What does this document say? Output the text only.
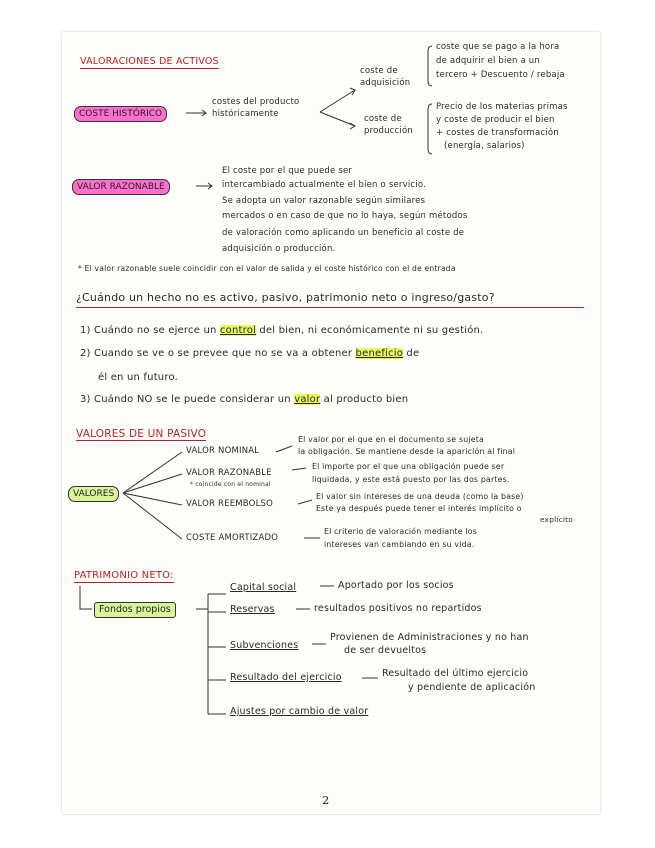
VALORACIONES DE ACTIVOS
COSTE HISTÓRICO
costes del producto
históricamente
coste de
adquisición
coste que se pago a la hora
de adquirir el bien a un
tercero + Descuento / rebaja
coste de
producción
Precio de los materias primas
y coste de producir el bien
+ costes de transformación
(energía, salarios)
VALOR RAZONABLE
El coste por el que puede ser
intercambiado actualmente el bien o servicio.
Se adopta un valor razonable según similares
mercados o en caso de que no lo haya, según métodos
de valoración como aplicando un beneficio al coste de
adquisición o producción.
* El valor razonable suele coincidir con el valor de salida y el coste histórico con el de entrada
¿Cuándo un hecho no es activo, pasivo, patrimonio neto o ingreso/gasto?
1) Cuándo no se ejerce un control del bien, ni económicamente ni su gestión.
2) Cuando se ve o se prevee que no se va a obtener beneficio de
él en un futuro.
3) Cuándo NO se le puede considerar un valor al producto bien
VALORES DE UN PASIVO
VALORES
VALOR NOMINAL
El valor por el que en el documento se sujeta
la obligación. Se mantiene desde la aparición al final
VALOR RAZONABLE
* coincide con el nominal
El importe por el que una obligación puede ser
liquidada, y este está puesto por las dos partes.
VALOR REEMBOLSO
El valor sin intereses de una deuda (como la base)
Este ya después puede tener el interés implícito o
explícito
COSTE AMORTIZADO
El criterio de valoración mediante los
intereses van cambiando en su vida.
PATRIMONIO NETO:
Fondos propios
Capital social	Aportado por los socios
Reservas	resultados positivos no repartidos
Subvenciones
Provienen de Administraciones y no han
de ser devueltos
Resultado del ejercicio	Resultado del último ejercicio
y pendiente de aplicación
Ajustes por cambio de valor
2
